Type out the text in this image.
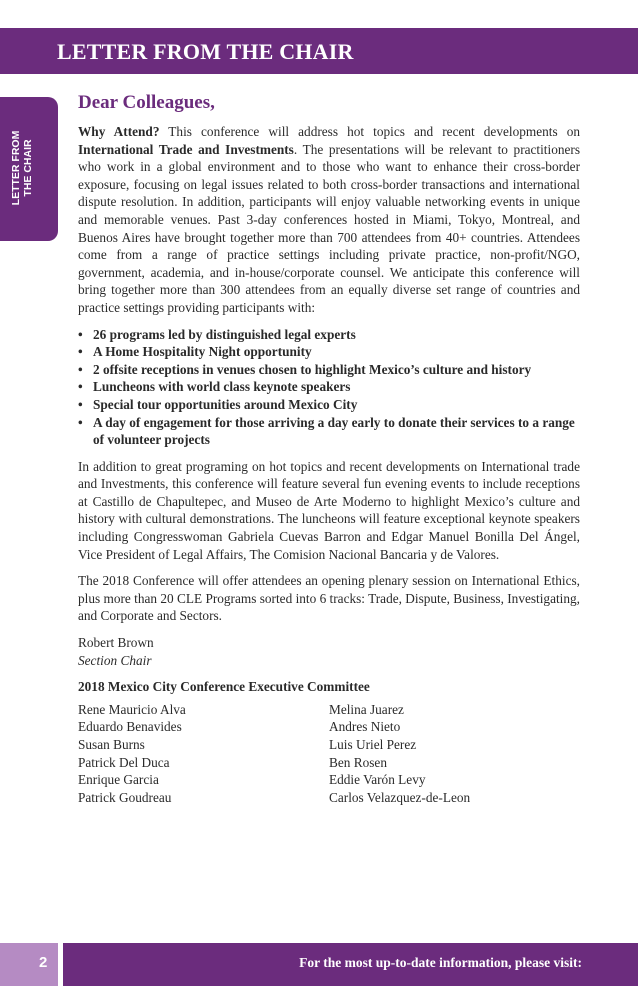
LETTER FROM THE CHAIR
LETTER FROM THE CHAIR
Dear Colleagues,

Why Attend? This conference will address hot topics and recent developments on International Trade and Investments. The presentations will be relevant to practitioners who work in a global environment and to those who want to enhance their cross-border exposure, focusing on legal issues related to both cross-border transactions and international dispute resolution. In addition, participants will enjoy valuable networking events in unique and memorable venues. Past 3-day conferences hosted in Miami, Tokyo, Montreal, and Buenos Aires have brought together more than 700 attendees from 40+ countries. Attendees come from a range of practice settings including private practice, non-profit/NGO, government, academia, and in-house/corporate counsel. We anticipate this conference will bring together more than 300 attendees from an equally diverse set range of countries and practice settings providing participants with:

• 26 programs led by distinguished legal experts
• A Home Hospitality Night opportunity
• 2 offsite receptions in venues chosen to highlight Mexico’s culture and history
• Luncheons with world class keynote speakers
• Special tour opportunities around Mexico City
• A day of engagement for those arriving a day early to donate their services to a range of volunteer projects

In addition to great programing on hot topics and recent developments on International trade and Investments, this conference will feature several fun evening events to include receptions at Castillo de Chapultepec, and Museo de Arte Moderno to highlight Mexico’s culture and history with cultural demonstrations. The luncheons will feature exceptional keynote speakers including Congresswoman Gabriela Cuevas Barron and Edgar Manuel Bonilla Del Ángel, Vice President of Legal Affairs, The Comision Nacional Bancaria y de Valores.

The 2018 Conference will offer attendees an opening plenary session on International Ethics, plus more than 20 CLE Programs sorted into 6 tracks: Trade, Dispute, Business, Investigating, and Corporate and Sectors.

Robert Brown
Section Chair
2018 Mexico City Conference Executive Committee
Rene Mauricio Alva
Eduardo Benavides
Susan Burns
Patrick Del Duca
Enrique Garcia
Patrick Goudreau
Melina Juarez
Andres Nieto
Luis Uriel Perez
Ben Rosen
Eddie Varón Levy
Carlos Velazquez-de-Leon
2	For the most up-to-date information, please visit:
